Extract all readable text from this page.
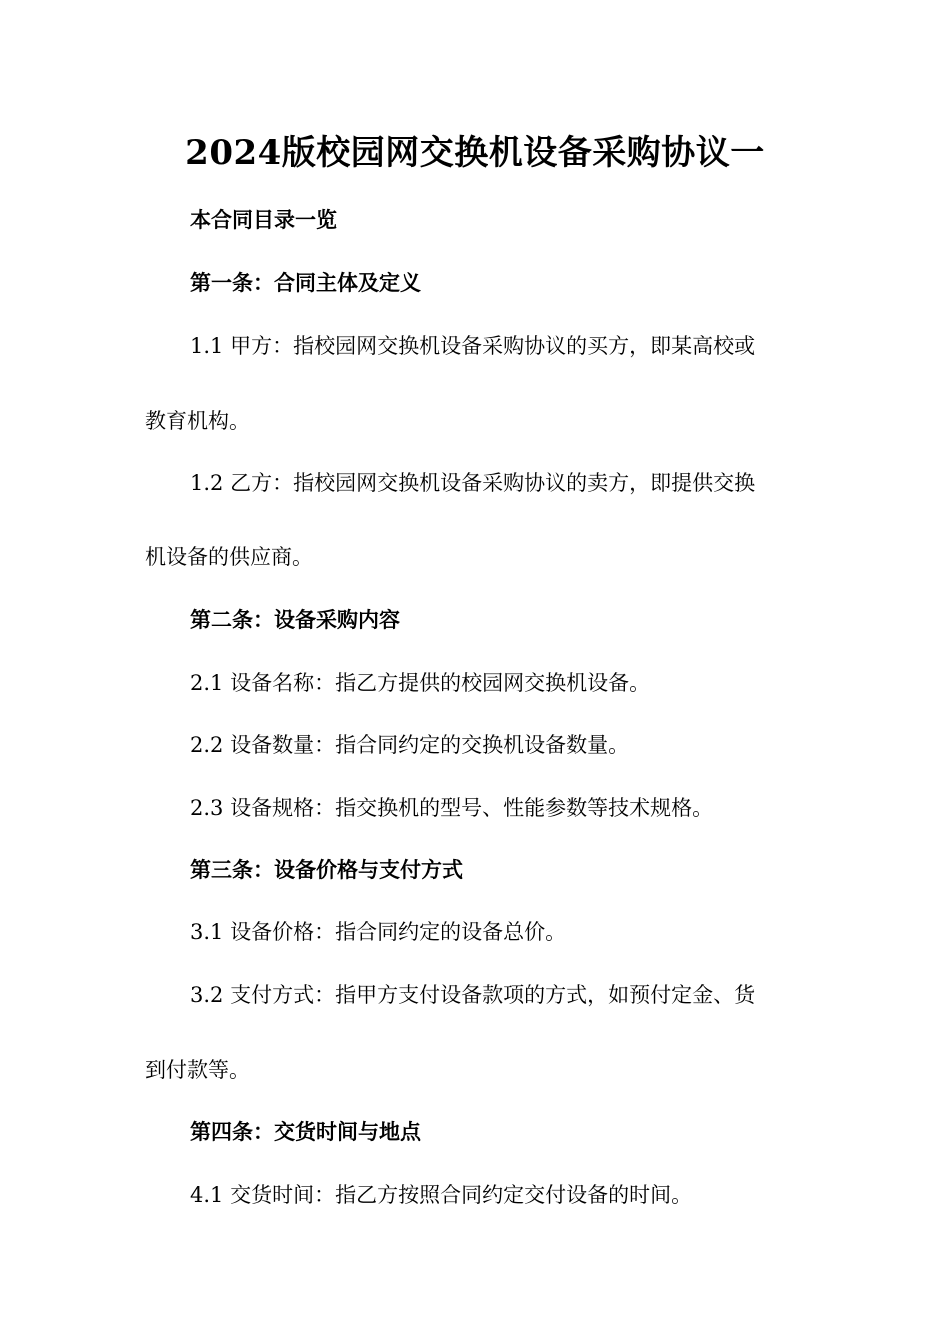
2024版校园网交换机设备采购协议一

本合同目录一览

第一条：合同主体及定义

1.1 甲方：指校园网交换机设备采购协议的买方，即某高校或

教育机构。

1.2 乙方：指校园网交换机设备采购协议的卖方，即提供交换

机设备的供应商。

第二条：设备采购内容

2.1 设备名称：指乙方提供的校园网交换机设备。

2.2 设备数量：指合同约定的交换机设备数量。

2.3 设备规格：指交换机的型号、性能参数等技术规格。

第三条：设备价格与支付方式

3.1 设备价格：指合同约定的设备总价。

3.2 支付方式：指甲方支付设备款项的方式，如预付定金、货

到付款等。

第四条：交货时间与地点

4.1 交货时间：指乙方按照合同约定交付设备的时间。
